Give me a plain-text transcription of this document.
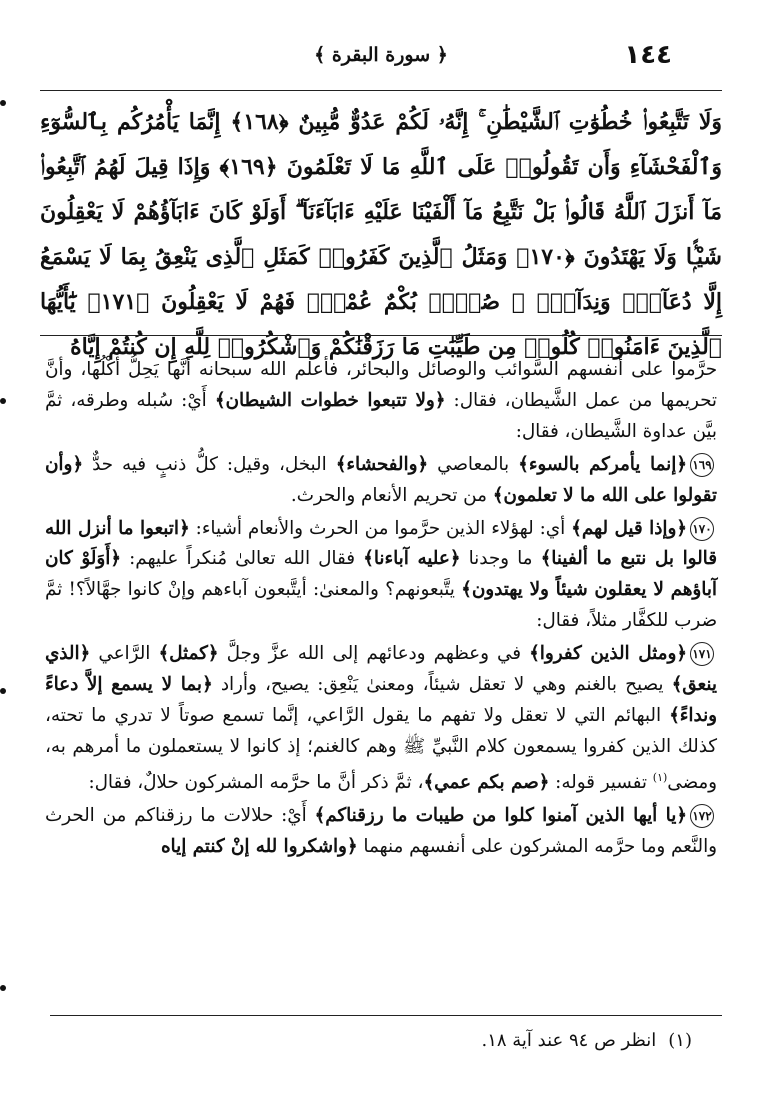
١٤٤
﴿ سورة البقرة ﴾
وَلَا تَتَّبِعُوا۟ خُطُوَٰتِ ٱلشَّيْطَٰنِ ۚ إِنَّهُۥ لَكُمْ عَدُوٌّ مُّبِينٌ ﴿١٦٨﴾ إِنَّمَا يَأْمُرُكُم بِٱلسُّوٓءِ وَٱلْفَحْشَآءِ وَأَن تَقُولُوا۟ عَلَى ٱللَّهِ مَا لَا تَعْلَمُونَ ﴿١٦٩﴾ وَإِذَا قِيلَ لَهُمُ ٱتَّبِعُوا۟ مَآ أَنزَلَ ٱللَّهُ قَالُوا۟ بَلْ نَتَّبِعُ مَآ أَلْفَيْنَا عَلَيْهِ ءَابَآءَنَآ ۗ أَوَلَوْ كَانَ ءَابَآؤُهُمْ لَا يَعْقِلُونَ شَيْـًۭٔا وَلَا يَهْتَدُونَ ﴿١٧٠﴾ وَمَثَلُ ٱلَّذِينَ كَفَرُوا۟ كَمَثَلِ ٱلَّذِى يَنْعِقُ بِمَا لَا يَسْمَعُ إِلَّا دُعَآءًۭ وَنِدَآءًۭ ۚ صُمٌّۢ بُكْمٌ عُمْىٌۭ فَهُمْ لَا يَعْقِلُونَ ﴿١٧١﴾ يَٰٓأَيُّهَا ٱلَّذِينَ ءَامَنُوا۟ كُلُوا۟ مِن طَيِّبَٰتِ مَا رَزَقْنَٰكُمْ وَٱشْكُرُوا۟ لِلَّهِ إِن كُنتُمْ إِيَّاهُ

حرَّموا على أنفسهم السَّوائب والوصائل والبحائر، فأعلم الله سبحانه أنَّها يَحِلُّ أكْلُها، وأنَّ تحريمها من عمل الشَّيطان، فقال: ﴿ولا تتبعوا خطوات الشيطان﴾ أَيْ: سُبله وطرقه، ثمَّ بيَّن عداوة الشَّيطان، فقال:

١٦٩﴿إنما يأمركم بالسوء﴾ بالمعاصي ﴿والفحشاء﴾ البخل، وقيل: كلُّ ذنبٍ فيه حدٌّ ﴿وأن تقولوا على الله ما لا تعلمون﴾ من تحريم الأنعام والحرث.

١٧٠﴿وإذا قيل لهم﴾ أي: لهؤلاء الذين حرَّموا من الحرث والأنعام أشياء: ﴿اتبعوا ما أنزل الله قالوا بل نتبع ما ألفينا﴾ ما وجدنا ﴿عليه آباءنا﴾ فقال الله تعالىٰ مُنكراً عليهم: ﴿أَوَلَوْ كان آباؤهم لا يعقلون شيئاً ولا يهتدون﴾ يتَّبعونهم؟ والمعنىٰ: أيتَّبعون آباءهم وإنْ كانوا جهَّالاً؟! ثمَّ ضرب للكفَّار مثلاً، فقال:

١٧١﴿ومثل الذين كفروا﴾ في وعظهم ودعائهم إلى الله عزَّ وجلَّ ﴿كمثل﴾ الرَّاعي ﴿الذي ينعق﴾ يصيح بالغنم وهي لا تعقل شيئاً، ومعنىٰ يَنْعِق: يصيح، وأراد ﴿بما لا يسمع إلاَّ دعاءً ونداءً﴾ البهائم التي لا تعقل ولا تفهم ما يقول الرَّاعي، إنَّما تسمع صوتاً لا تدري ما تحته، كذلك الذين كفروا يسمعون كلام النَّبيِّ ﷺ وهم كالغنم؛ إذ كانوا لا يستعملون ما أمرهم به، ومضى$^{(١)}$ تفسير قوله: ﴿صم بكم عمي﴾، ثمَّ ذكر أنَّ ما حرَّمه المشركون حلالٌ، فقال:

١٧٢﴿يا أيها الذين آمنوا كلوا من طيبات ما رزقناكم﴾ أَيْ: حلالات ما رزقناكم من الحرث والنَّعم وما حرَّمه المشركون على أنفسهم منهما ﴿واشكروا لله إنْ كنتم إياه

(١)انظر ص ٩٤ عند آية ١٨.
